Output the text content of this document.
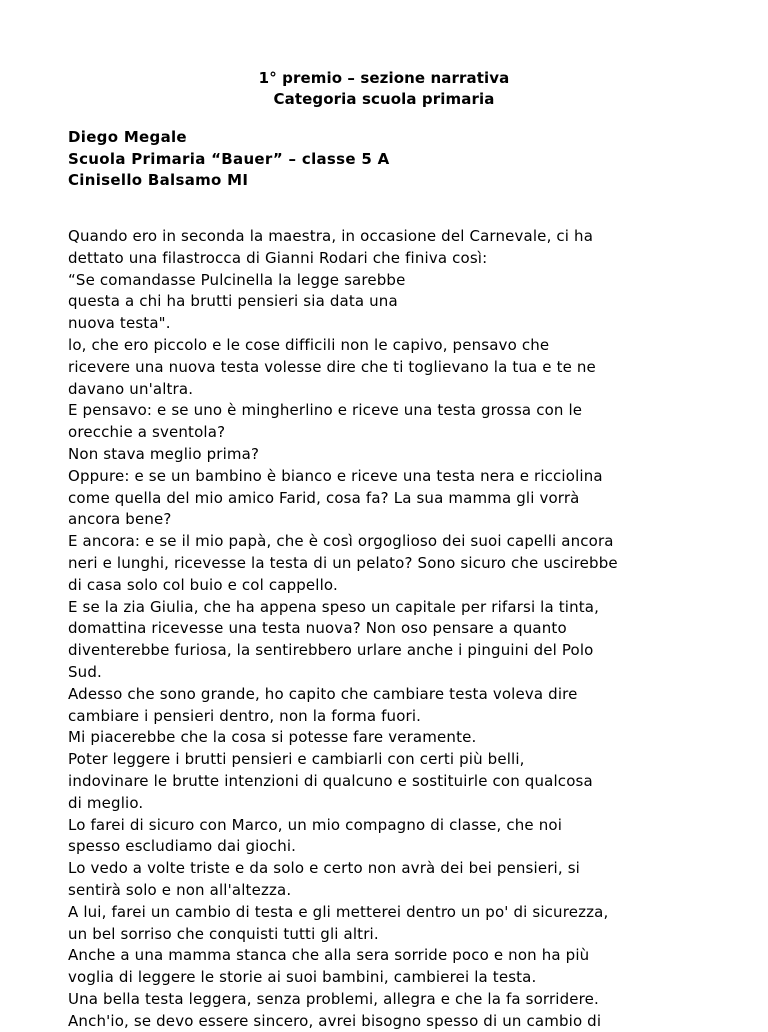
1° premio – sezione narrativa
Categoria scuola primaria
Diego Megale
Scuola Primaria “Bauer” – classe 5 A
Cinisello Balsamo MI
Quando ero in seconda la maestra, in occasione del Carnevale, ci ha
dettato una filastrocca di Gianni Rodari che finiva così:
“Se comandasse Pulcinella la legge sarebbe
questa a chi ha brutti pensieri sia data una
nuova testa".
lo, che ero piccolo e le cose difficili non le capivo, pensavo che
ricevere una nuova testa volesse dire che ti toglievano la tua e te ne
davano un'altra.
E pensavo: e se uno è mingherlino e riceve una testa grossa con le
orecchie a sventola?
Non stava meglio prima?
Oppure: e se un bambino è bianco e riceve una testa nera e ricciolina
come quella del mio amico Farid, cosa fa? La sua mamma gli vorrà
ancora bene?
E ancora: e se il mio papà, che è così orgoglioso dei suoi capelli ancora
neri e lunghi, ricevesse la testa di un pelato? Sono sicuro che uscirebbe
di casa solo col buio e col cappello.
E se la zia Giulia, che ha appena speso un capitale per rifarsi la tinta,
domattina ricevesse una testa nuova? Non oso pensare a quanto
diventerebbe furiosa, la sentirebbero urlare anche i pinguini del Polo
Sud.
Adesso che sono grande, ho capito che cambiare testa voleva dire
cambiare i pensieri dentro, non la forma fuori.
Mi piacerebbe che la cosa si potesse fare veramente.
Poter leggere i brutti pensieri e cambiarli con certi più belli,
indovinare le brutte intenzioni di qualcuno e sostituirle con qualcosa
di meglio.
Lo farei di sicuro con Marco, un mio compagno di classe, che noi
spesso escludiamo dai giochi.
Lo vedo a volte triste e da solo e certo non avrà dei bei pensieri, si
sentirà solo e non all'altezza.
A lui, farei un cambio di testa e gli metterei dentro un po' di sicurezza,
un bel sorriso che conquisti tutti gli altri.
Anche a una mamma stanca che alla sera sorride poco e non ha più
voglia di leggere le storie ai suoi bambini, cambierei la testa.
Una bella testa leggera, senza problemi, allegra e che la fa sorridere.
Anch'io, se devo essere sincero, avrei bisogno spesso di un cambio di
